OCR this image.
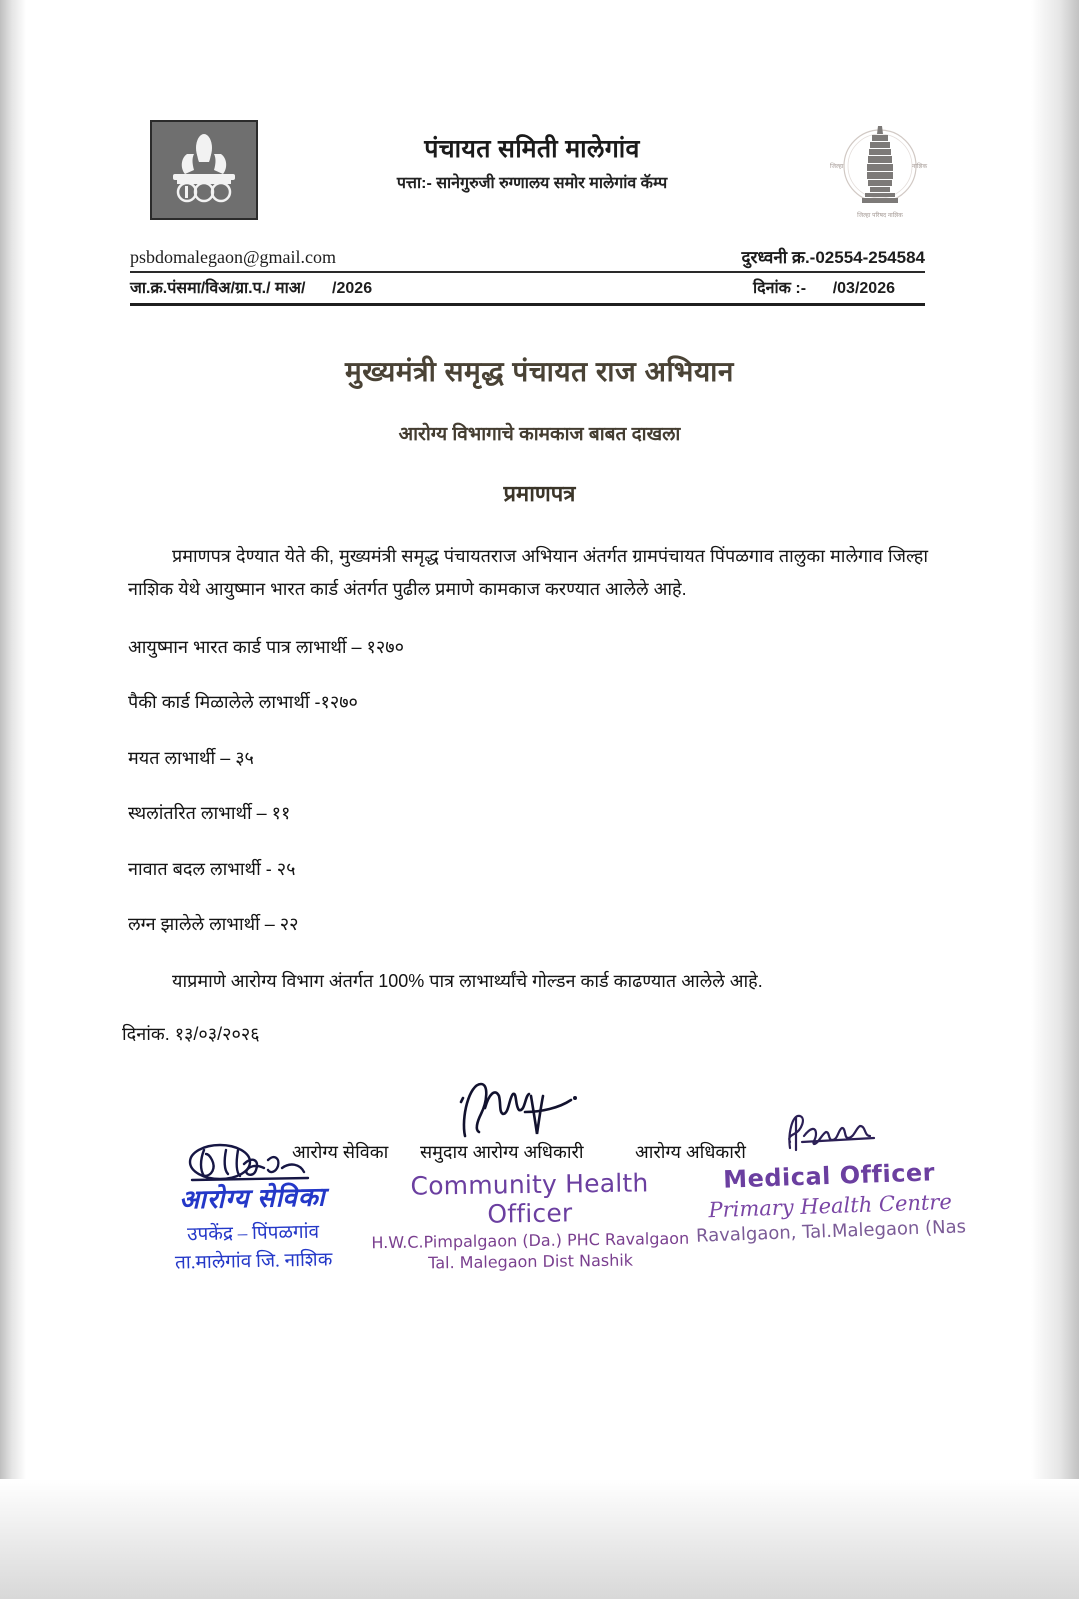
पंचायत समिती मालेगांव
पत्ता:- सानेगुरुजी रुग्णालय समोर मालेगांव कॅम्प
जिल्हा	नाशिक
जिल्हा परिषद नाशिक
psbdomalegaon@gmail.com	दुरध्वनी क्र.-02554-254584
जा.क्र.पंसमा/विअ/ग्रा.प./ माअ/      /2026	दिनांक :-      /03/2026
मुख्यमंत्री समृद्ध पंचायत राज अभियान
आरोग्य विभागाचे कामकाज बाबत दाखला
प्रमाणपत्र
प्रमाणपत्र देण्यात येते की, मुख्यमंत्री समृद्ध पंचायतराज अभियान अंतर्गत ग्रामपंचायत पिंपळगाव तालुका मालेगाव जिल्हा नाशिक येथे आयुष्मान भारत कार्ड अंतर्गत पुढील प्रमाणे कामकाज करण्यात आलेले आहे.
आयुष्मान भारत कार्ड पात्र लाभार्थी – १२७०
पैकी कार्ड मिळालेले लाभार्थी -१२७०
मयत लाभार्थी – ३५
स्थलांतरित लाभार्थी – ११
नावात बदल लाभार्थी - २५
लग्न झालेले लाभार्थी – २२
याप्रमाणे आरोग्य विभाग अंतर्गत 100% पात्र लाभार्थ्यांचे गोल्डन कार्ड काढण्यात आलेले आहे.
दिनांक. १३/०३/२०२६
आरोग्य सेविका समुदाय आरोग्य अधिकारी	आरोग्य अधिकारी
आरोग्य सेविका
उपकेंद्र – पिंपळगांव
ता.मालेगांव जि. नाशिक
Community Health Officer
H.W.C.Pimpalgaon (Da.) PHC Ravalgaon
Tal. Malegaon Dist Nashik
Medical Officer
Primary Health Centre
Ravalgaon, Tal.Malegaon (Nas
